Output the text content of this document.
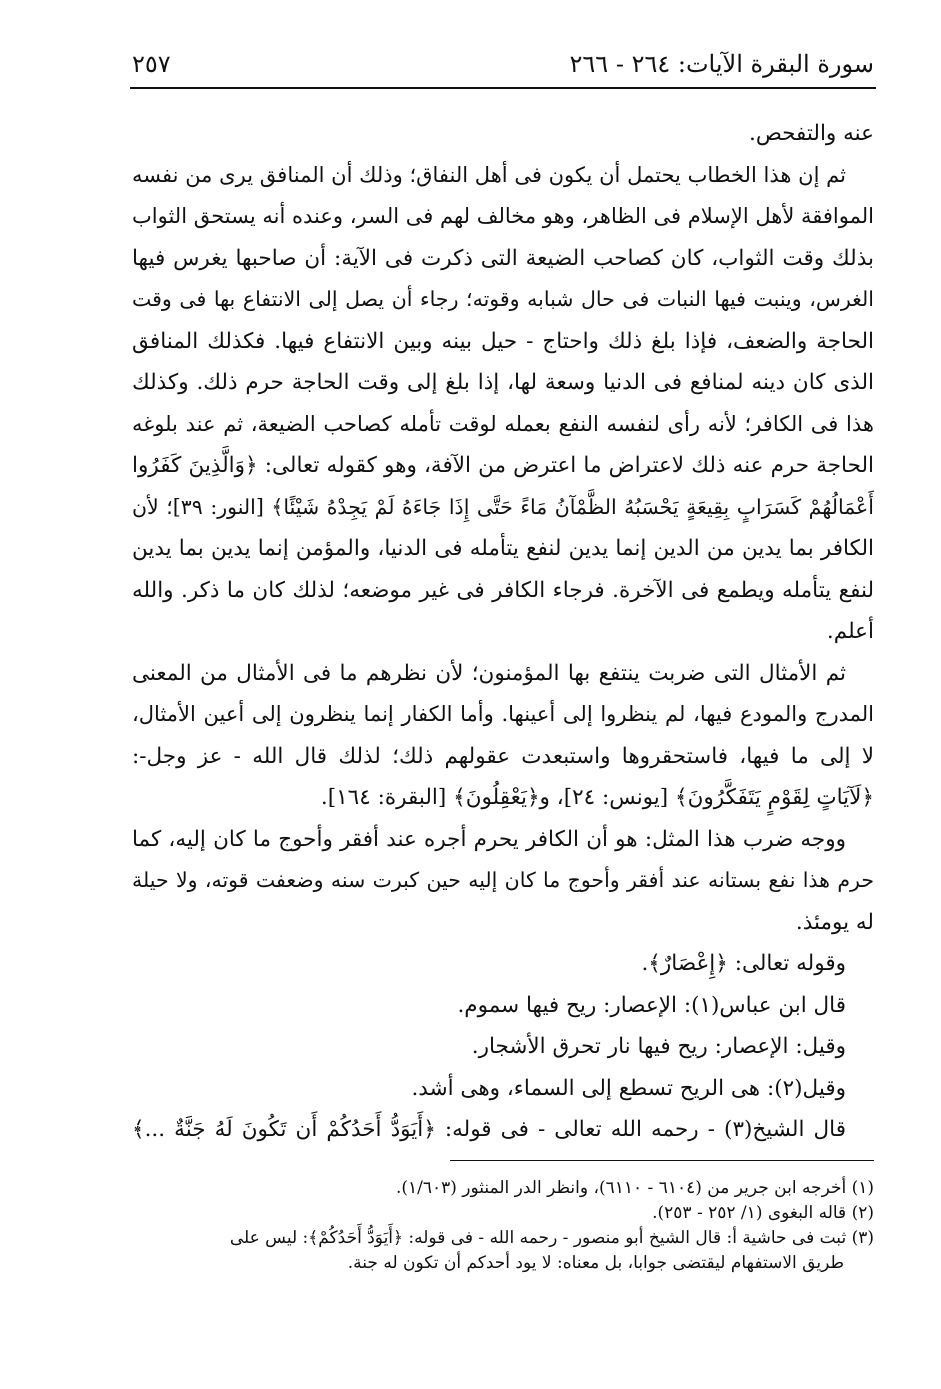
سورة البقرة الآيات: ٢٦٤ - ٢٦٦
٢٥٧
عنه والتفحص.
ثم إن هذا الخطاب يحتمل أن يكون فى أهل النفاق؛ وذلك أن المنافق يرى من نفسه
الموافقة لأهل الإسلام فى الظاهر، وهو مخالف لهم فى السر، وعنده أنه يستحق الثواب
بذلك وقت الثواب، كان كصاحب الضيعة التى ذكرت فى الآية: أن صاحبها يغرس فيها
الغرس، وينبت فيها النبات فى حال شبابه وقوته؛ رجاء أن يصل إلى الانتفاع بها فى وقت
الحاجة والضعف، فإذا بلغ ذلك واحتاج - حيل بينه وبين الانتفاع فيها. فكذلك المنافق
الذى كان دينه لمنافع فى الدنيا وسعة لها، إذا بلغ إلى وقت الحاجة حرم ذلك. وكذلك
هذا فى الكافر؛ لأنه رأى لنفسه النفع بعمله لوقت تأمله كصاحب الضيعة، ثم عند بلوغه
الحاجة حرم عنه ذلك لاعتراض ما اعترض من الآفة، وهو كقوله تعالى: ﴿وَالَّذِينَ كَفَرُوا
أَعْمَالُهُمْ كَسَرَابٍ بِقِيعَةٍ يَحْسَبُهُ الظَّمْآنُ مَاءً حَتَّى إِذَا جَاءَهُ لَمْ يَجِدْهُ شَيْئًا﴾ [النور: ٣٩]؛ لأن
الكافر بما يدين من الدين إنما يدين لنفع يتأمله فى الدنيا، والمؤمن إنما يدين بما يدين
لنفع يتأمله ويطمع فى الآخرة. فرجاء الكافر فى غير موضعه؛ لذلك كان ما ذكر. والله
أعلم.
ثم الأمثال التى ضربت ينتفع بها المؤمنون؛ لأن نظرهم ما فى الأمثال من المعنى
المدرج والمودع فيها، لم ينظروا إلى أعينها. وأما الكفار إنما ينظرون إلى أعين الأمثال،
لا إلى ما فيها، فاستحقروها واستبعدت عقولهم ذلك؛ لذلك قال الله - عز وجل-:
﴿لَآيَاتٍ لِقَوْمٍ يَتَفَكَّرُونَ﴾ [يونس: ٢٤]، و﴿يَعْقِلُونَ﴾ [البقرة: ١٦٤].
ووجه ضرب هذا المثل: هو أن الكافر يحرم أجره عند أفقر وأحوج ما كان إليه، كما
حرم هذا نفع بستانه عند أفقر وأحوج ما كان إليه حين كبرت سنه وضعفت قوته، ولا حيلة
له يومئذ.
وقوله تعالى: ﴿إِعْصَارٌ﴾.
قال ابن عباس(١): الإعصار: ريح فيها سموم.
وقيل: الإعصار: ريح فيها نار تحرق الأشجار.
وقيل(٢): هى الريح تسطع إلى السماء، وهى أشد.
قال الشيخ(٣) - رحمه الله تعالى - فى قوله: ﴿أَيَوَدُّ أَحَدُكُمْ أَن تَكُونَ لَهُ جَنَّةٌ ...﴾
(١) أخرجه ابن جرير من (٦١٠٤ - ٦١١٠)، وانظر الدر المنثور (١/٦٠٣).
(٢) قاله البغوى (١/ ٢٥٢ - ٢٥٣).
(٣) ثبت فى حاشية أ: قال الشيخ أبو منصور - رحمه الله - فى قوله: ﴿أَيَوَدُّ أَحَدُكُمْ﴾: ليس على
طريق الاستفهام ليقتضى جوابا، بل معناه: لا يود أحدكم أن تكون له جنة.
